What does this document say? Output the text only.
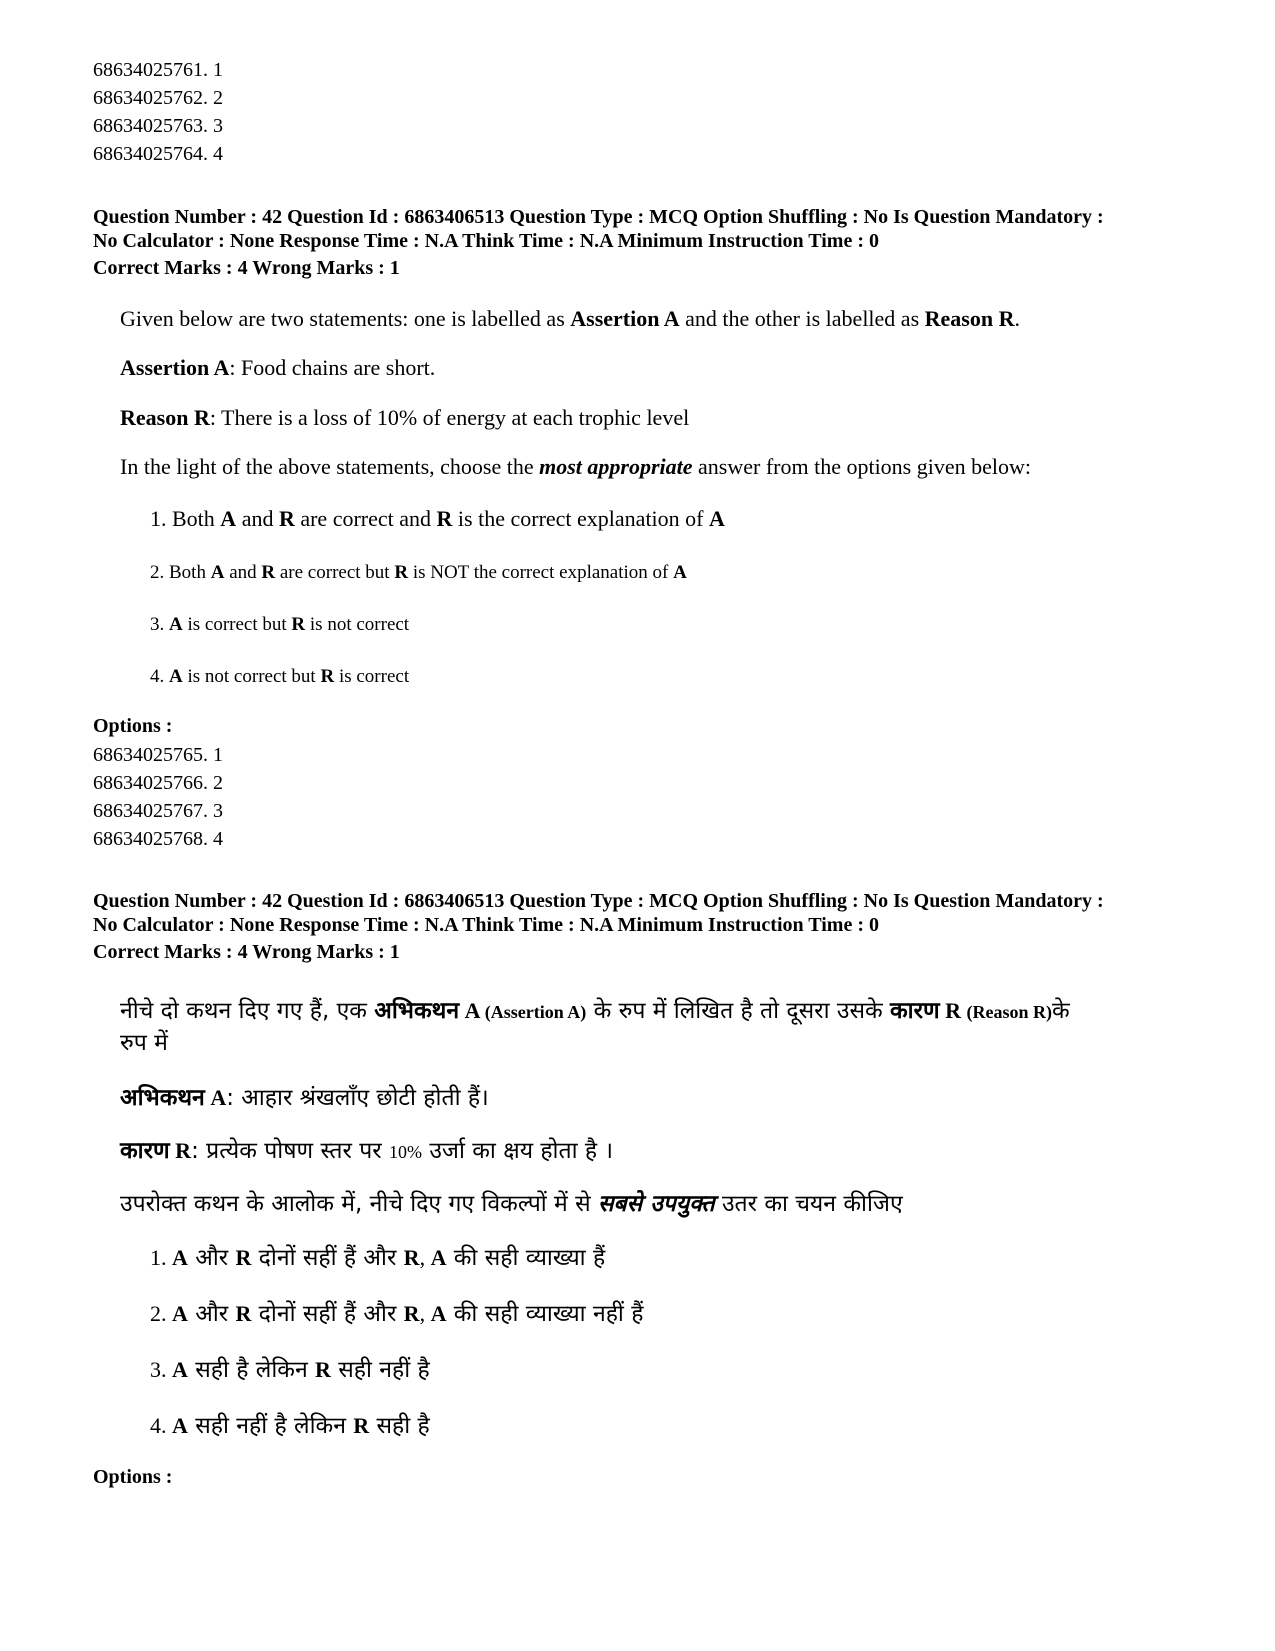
68634025761. 1
68634025762. 2
68634025763. 3
68634025764. 4
Question Number : 42 Question Id : 6863406513 Question Type : MCQ Option Shuffling : No Is Question Mandatory :
No Calculator : None Response Time : N.A Think Time : N.A Minimum Instruction Time : 0
Correct Marks : 4 Wrong Marks : 1
Given below are two statements: one is labelled as Assertion A and the other is labelled as Reason R.
Assertion A: Food chains are short.
Reason R: There is a loss of 10% of energy at each trophic level
In the light of the above statements, choose the most appropriate answer from the options given below:
1. Both A and R are correct and R is the correct explanation of A
2. Both A and R are correct but R is NOT the correct explanation of A
3. A is correct but R is not correct
4. A is not correct but R is correct
Options :
68634025765. 1
68634025766. 2
68634025767. 3
68634025768. 4
Question Number : 42 Question Id : 6863406513 Question Type : MCQ Option Shuffling : No Is Question Mandatory :
No Calculator : None Response Time : N.A Think Time : N.A Minimum Instruction Time : 0
Correct Marks : 4 Wrong Marks : 1
नीचे दो कथन दिए गए हैं, एक अभिकथन A (Assertion A) के रुप में लिखित है तो दूसरा उसके कारण R (Reason R)के
रुप में
अभिकथन A: आहार श्रंखलाँए छोटी होती हैं।
कारण R: प्रत्येक पोषण स्तर पर 10% उर्जा का क्षय होता है ।
उपरोक्त कथन के आलोक में, नीचे दिए गए विकल्पों में से सबसे उपयुक्त उतर का चयन कीजिए
1. A और R दोनों सहीं हैं और R, A की सही व्याख्या हैं
2. A और R दोनों सहीं हैं और R, A की सही व्याख्या नहीं हैं
3. A सही है लेकिन R सही नहीं है
4. A सही नहीं है लेकिन R सही है
Options :
